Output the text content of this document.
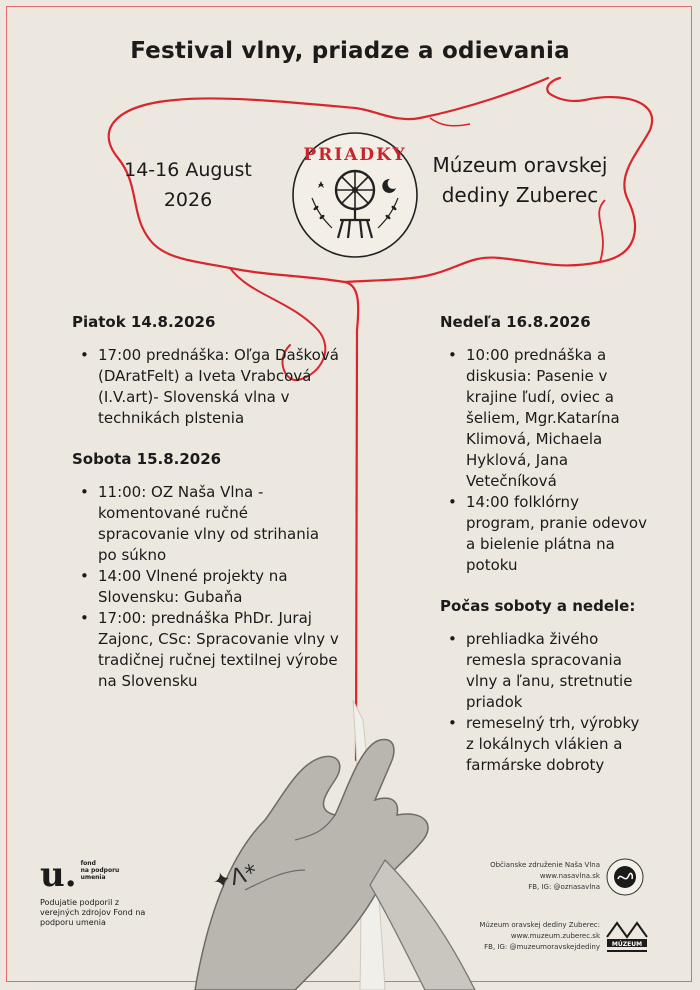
Festival vlny, priadze a odievania
14-16 August
2026
Múzeum oravskej
dediny Zuberec
PRIADKY
Piatok 14.8.2026
• 17:00 prednáška: Oľga Dašková (DAratFelt) a Iveta Vrabcová (I.V.art)- Slovenská vlna v technikách plstenia
Sobota 15.8.2026
• 11:00: OZ Naša Vlna - komentované ručné spracovanie vlny od strihania po súkno
• 14:00 Vlnené projekty na Slovensku: Gubaňa
• 17:00: prednáška PhDr. Juraj Zajonc, CSc: Spracovanie vlny v tradičnej ručnej textilnej výrobe na Slovensku
Nedeľa 16.8.2026
• 10:00 prednáška a diskusia: Pasenie v krajine ľudí, oviec a šeliem, Mgr.Katarína Klimová, Michaela Hyklová, Jana Vetečníková
• 14:00 folklórny program, pranie odevov a bielenie plátna na potoku
Počas soboty a nedele:
• prehliadka živého remesla spracovania vlny a ľanu, stretnutie priadok
• remeselný trh, výrobky z lokálnych vlákien a farmárske dobroty
✦Λ*
u. fond
na podporu
umenia
Podujatie podporil z verejných zdrojov Fond na podporu umenia
Občianske združenie Naša Vlna
www.nasavlna.sk
FB, IG: @oznasavlna
Múzeum oravskej dediny Zuberec:
www.muzeum.zuberec.sk
FB, IG: @muzeumoravskejdediny MÚZEUM
